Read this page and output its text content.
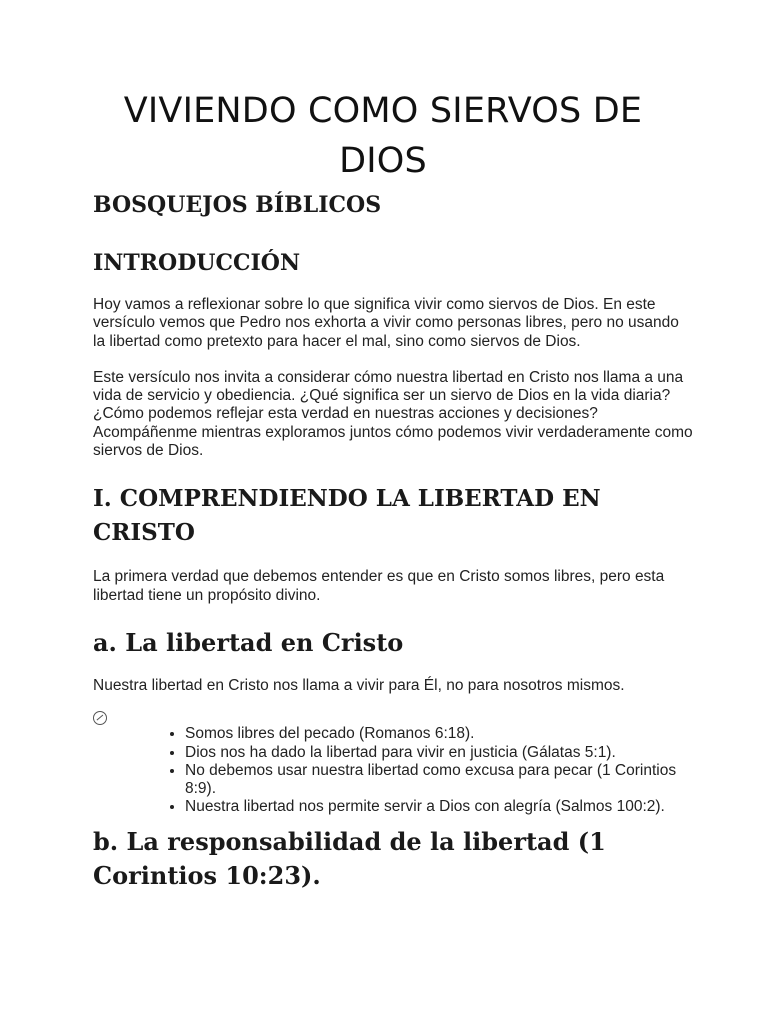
VIVIENDO COMO SIERVOS DE DIOS
BOSQUEJOS BÍBLICOS
INTRODUCCIÓN

Hoy vamos a reflexionar sobre lo que significa vivir como siervos de Dios. En este versículo vemos que Pedro nos exhorta a vivir como personas libres, pero no usando la libertad como pretexto para hacer el mal, sino como siervos de Dios.

Este versículo nos invita a considerar cómo nuestra libertad en Cristo nos llama a una vida de servicio y obediencia. ¿Qué significa ser un siervo de Dios en la vida diaria? ¿Cómo podemos reflejar esta verdad en nuestras acciones y decisiones? Acompáñenme mientras exploramos juntos cómo podemos vivir verdaderamente como siervos de Dios.

I. COMPRENDIENDO LA LIBERTAD EN CRISTO

La primera verdad que debemos entender es que en Cristo somos libres, pero esta libertad tiene un propósito divino.

a. La libertad en Cristo

Nuestra libertad en Cristo nos llama a vivir para Él, no para nosotros mismos.

• Somos libres del pecado (Romanos 6:18).
• Dios nos ha dado la libertad para vivir en justicia (Gálatas 5:1).
• No debemos usar nuestra libertad como excusa para pecar (1 Corintios 8:9).
• Nuestra libertad nos permite servir a Dios con alegría (Salmos 100:2).
b. La responsabilidad de la libertad (1 Corintios 10:23).
